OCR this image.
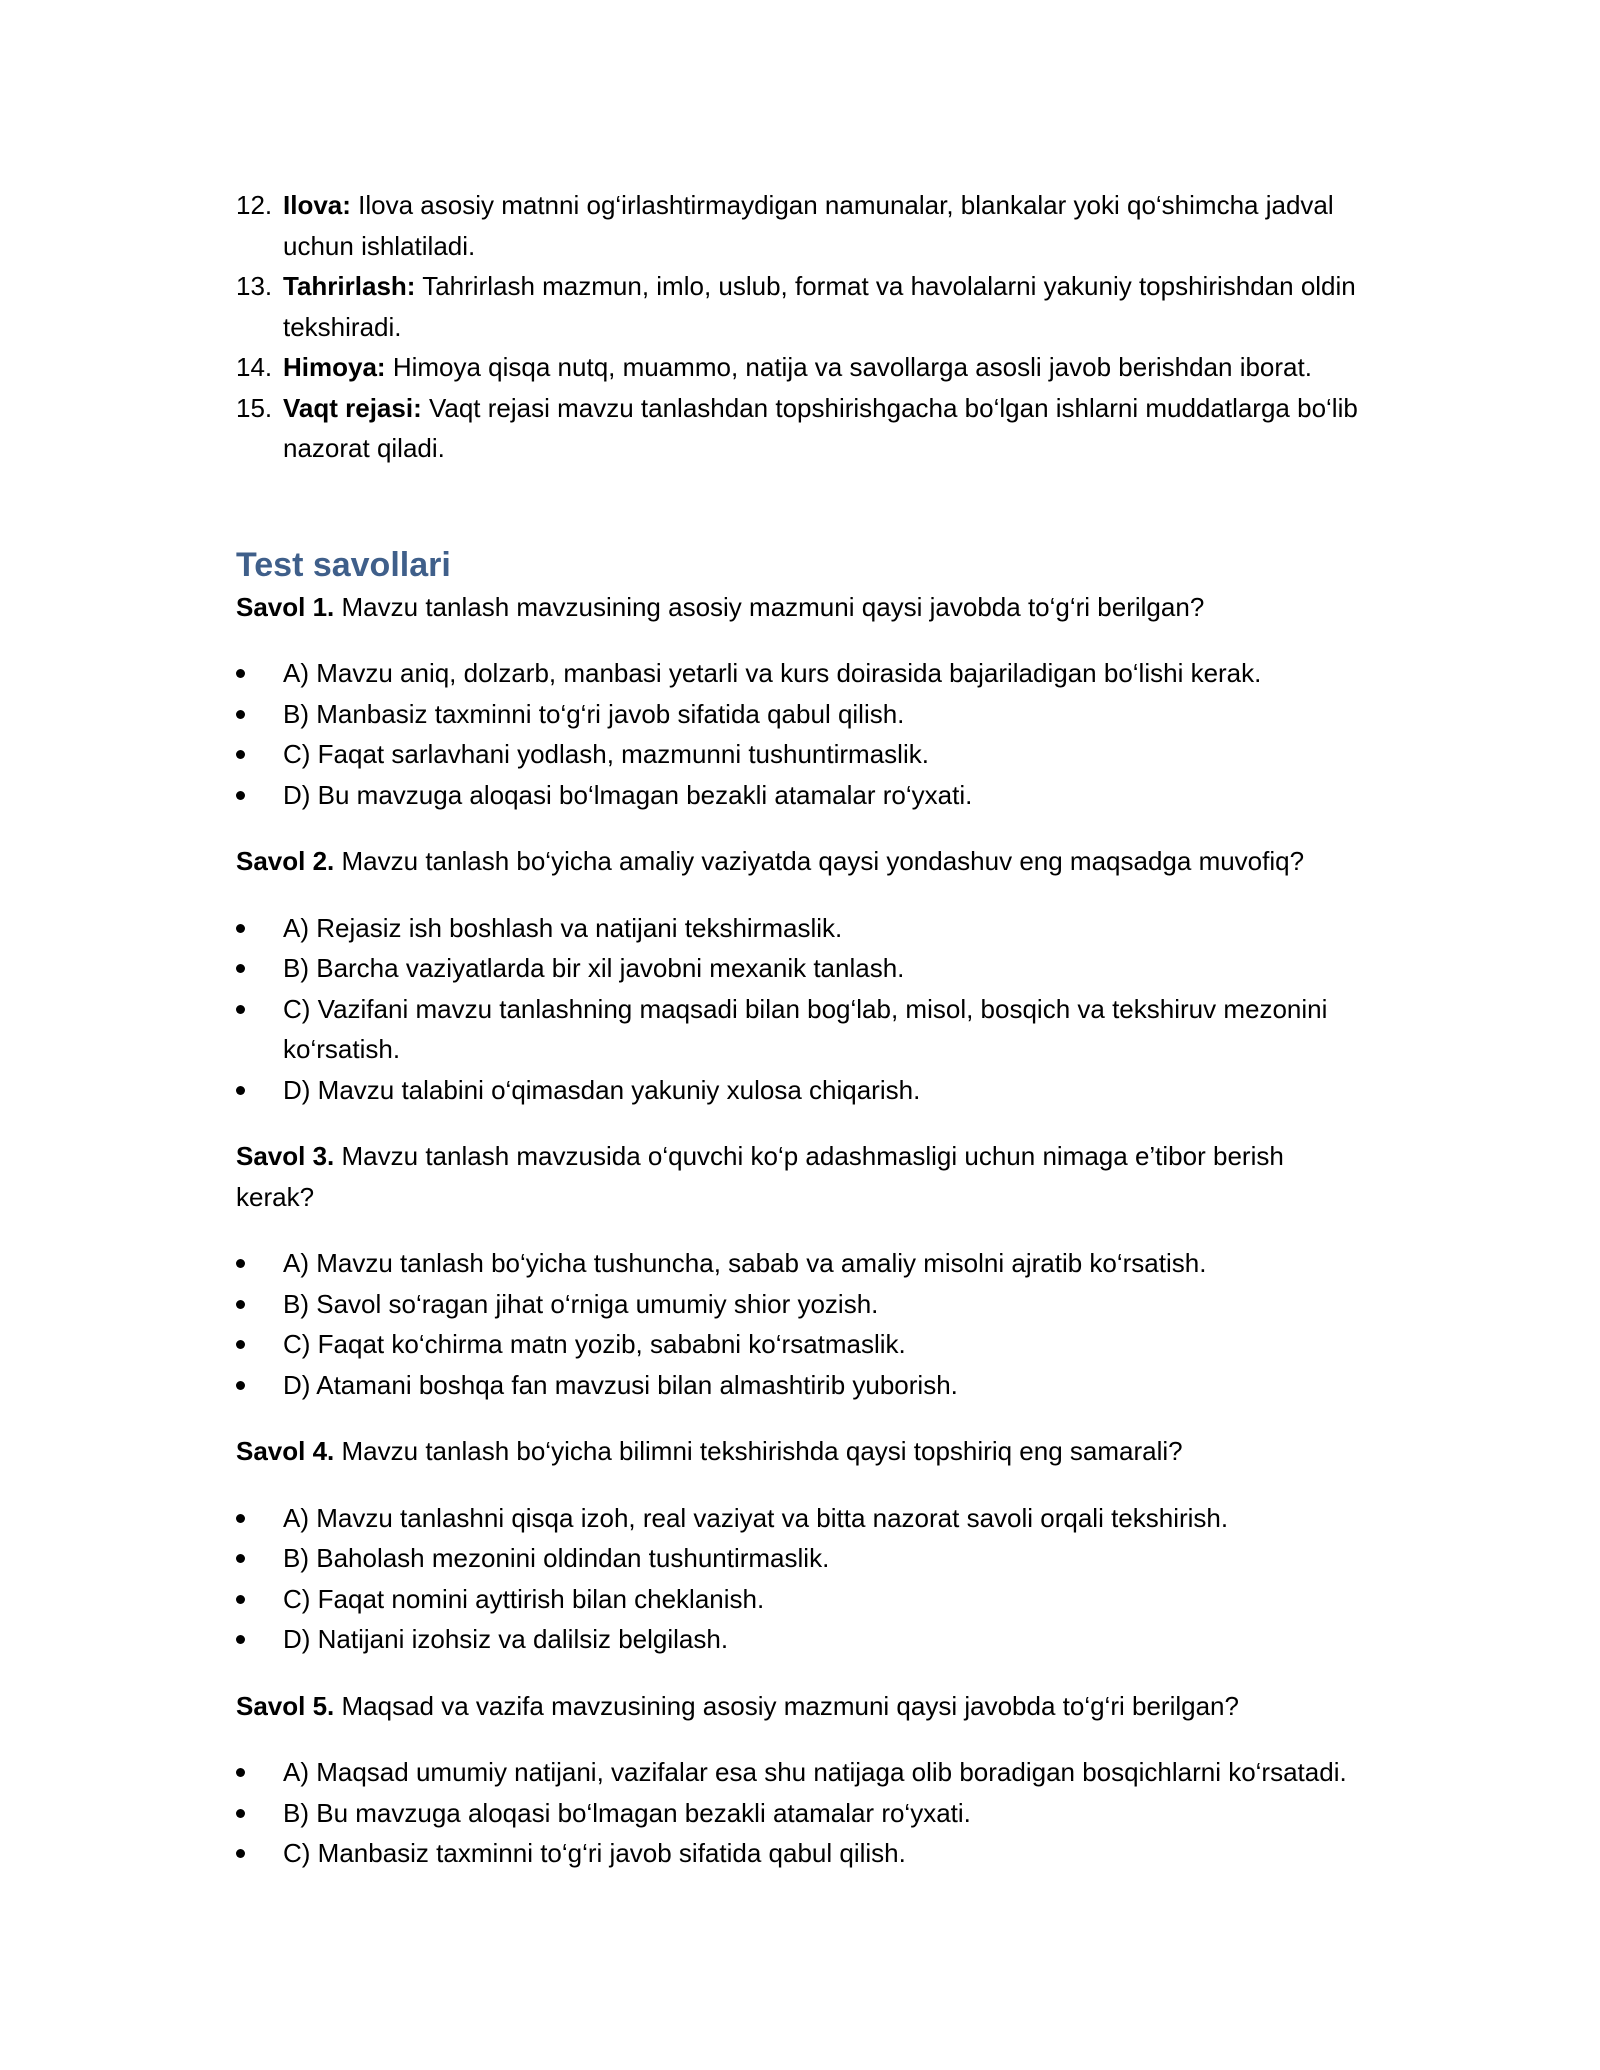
12. Ilova: Ilova asosiy matnni og‘irlashtirmaydigan namunalar, blankalar yoki qo‘shimcha jadval uchun ishlatiladi.
13. Tahrirlash: Tahrirlash mazmun, imlo, uslub, format va havolalarni yakuniy topshirishdan oldin tekshiradi.
14. Himoya: Himoya qisqa nutq, muammo, natija va savollarga asosli javob berishdan iborat.
15. Vaqt rejasi: Vaqt rejasi mavzu tanlashdan topshirishgacha bo‘lgan ishlarni muddatlarga bo‘lib nazorat qiladi.
Test savollari

Savol 1. Mavzu tanlash mavzusining asosiy mazmuni qaysi javobda to‘g‘ri berilgan?

A) Mavzu aniq, dolzarb, manbasi yetarli va kurs doirasida bajariladigan bo‘lishi kerak.
B) Manbasiz taxminni to‘g‘ri javob sifatida qabul qilish.
C) Faqat sarlavhani yodlash, mazmunni tushuntirmaslik.
D) Bu mavzuga aloqasi bo‘lmagan bezakli atamalar ro‘yxati.

Savol 2. Mavzu tanlash bo‘yicha amaliy vaziyatda qaysi yondashuv eng maqsadga muvofiq?

A) Rejasiz ish boshlash va natijani tekshirmaslik.
B) Barcha vaziyatlarda bir xil javobni mexanik tanlash.
C) Vazifani mavzu tanlashning maqsadi bilan bog‘lab, misol, bosqich va tekshiruv mezonini ko‘rsatish.
D) Mavzu talabini o‘qimasdan yakuniy xulosa chiqarish.

Savol 3. Mavzu tanlash mavzusida o‘quvchi ko‘p adashmasligi uchun nimaga e’tibor berish kerak?

A) Mavzu tanlash bo‘yicha tushuncha, sabab va amaliy misolni ajratib ko‘rsatish.
B) Savol so‘ragan jihat o‘rniga umumiy shior yozish.
C) Faqat ko‘chirma matn yozib, sababni ko‘rsatmaslik.
D) Atamani boshqa fan mavzusi bilan almashtirib yuborish.

Savol 4. Mavzu tanlash bo‘yicha bilimni tekshirishda qaysi topshiriq eng samarali?

A) Mavzu tanlashni qisqa izoh, real vaziyat va bitta nazorat savoli orqali tekshirish.
B) Baholash mezonini oldindan tushuntirmaslik.
C) Faqat nomini ayttirish bilan cheklanish.
D) Natijani izohsiz va dalilsiz belgilash.

Savol 5. Maqsad va vazifa mavzusining asosiy mazmuni qaysi javobda to‘g‘ri berilgan?

A) Maqsad umumiy natijani, vazifalar esa shu natijaga olib boradigan bosqichlarni ko‘rsatadi.
B) Bu mavzuga aloqasi bo‘lmagan bezakli atamalar ro‘yxati.
C) Manbasiz taxminni to‘g‘ri javob sifatida qabul qilish.
